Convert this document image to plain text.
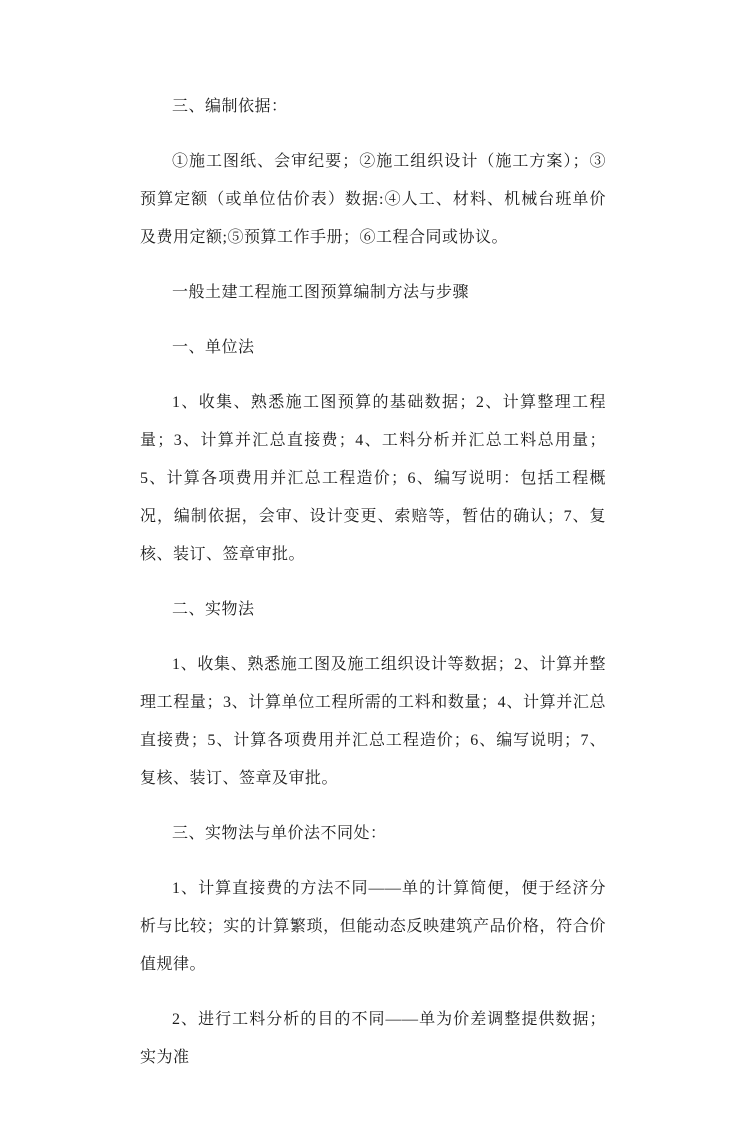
三、编制依据：

①施工图纸、会审纪要；②施工组织设计（施工方案）；③预算定额（或单位估价表）数据:④人工、材料、机械台班单价及费用定额;⑤预算工作手册；⑥工程合同或协议。

一般土建工程施工图预算编制方法与步骤

一、单位法

1、收集、熟悉施工图预算的基础数据；2、计算整理工程量；3、计算并汇总直接费；4、工料分析并汇总工料总用量；5、计算各项费用并汇总工程造价；6、编写说明：包括工程概况，编制依据，会审、设计变更、索赔等，暂估的确认；7、复核、装订、签章审批。

二、实物法

1、收集、熟悉施工图及施工组织设计等数据；2、计算并整理工程量；3、计算单位工程所需的工料和数量；4、计算并汇总直接费；5、计算各项费用并汇总工程造价；6、编写说明；7、复核、装订、签章及审批。

三、实物法与单价法不同处：

1、计算直接费的方法不同——单的计算简便，便于经济分析与比较；实的计算繁琐，但能动态反映建筑产品价格，符合价值规律。

2、进行工料分析的目的不同——单为价差调整提供数据；实为准
